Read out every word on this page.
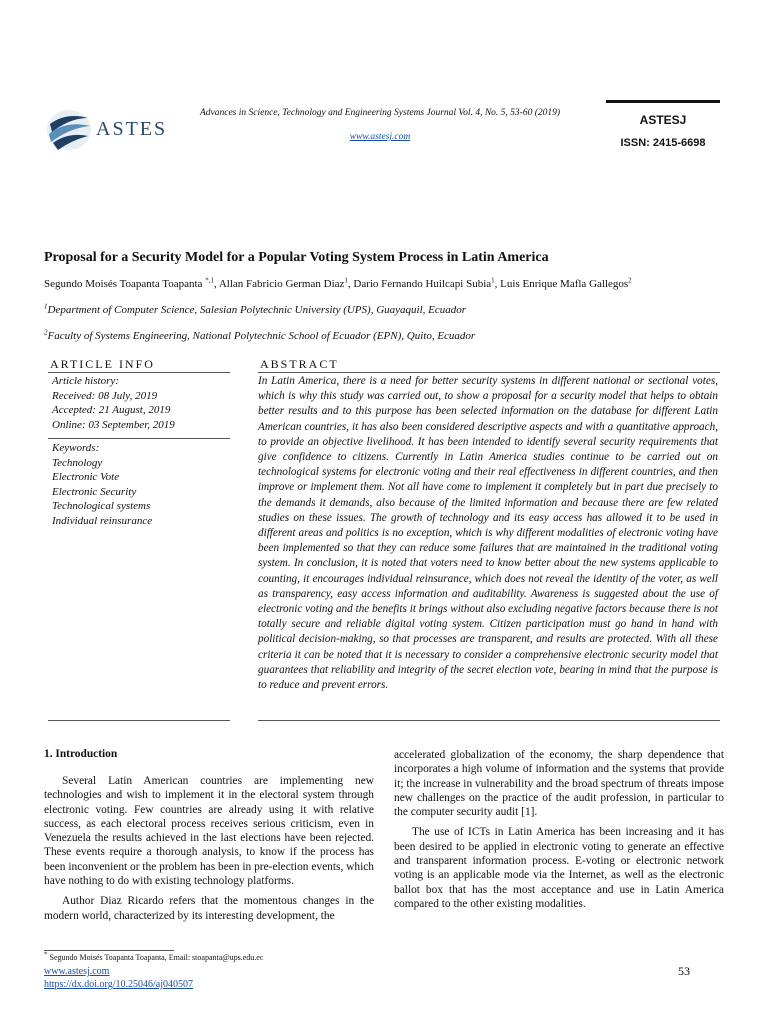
ASTES
Advances in Science, Technology and Engineering Systems Journal Vol. 4, No. 5, 53-60 (2019)
www.astesj.com
ASTESJ
ISSN: 2415-6698
Proposal for a Security Model for a Popular Voting System Process in Latin America
Segundo Moisés Toapanta Toapanta $^{*,1}$, Allan Fabricio German Diaz$^1$, Dario Fernando Huilcapi Subia$^1$, Luis Enrique Mafla Gallegos$^2$
$^1$Department of Computer Science, Salesian Polytechnic University (UPS), Guayaquil, Ecuador
$^2$Faculty of Systems Engineering, National Polytechnic School of Ecuador (EPN), Quito, Ecuador
ARTICLE INFO	ABSTRACT
Article history:
Received: 08 July, 2019
Accepted: 21 August, 2019
Online: 03 September, 2019
Keywords:
Technology
Electronic Vote
Electronic Security
Technological systems
Individual reinsurance
In Latin America, there is a need for better security systems in different national or sectional votes, which is why this study was carried out, to show a proposal for a security model that helps to obtain better results and to this purpose has been selected information on the database for different Latin American countries, it has also been considered descriptive aspects and with a quantitative approach, to provide an objective livelihood. It has been intended to identify several security requirements that give confidence to citizens. Currently in Latin America studies continue to be carried out on technological systems for electronic voting and their real effectiveness in different countries, and then improve or implement them. Not all have come to implement it completely but in part due precisely to the demands it demands, also because of the limited information and because there are few related studies on these issues. The growth of technology and its easy access has allowed it to be used in different areas and politics is no exception, which is why different modalities of electronic voting have been implemented so that they can reduce some failures that are maintained in the traditional voting system. In conclusion, it is noted that voters need to know better about the new systems applicable to counting, it encourages individual reinsurance, which does not reveal the identity of the voter, as well as transparency, easy access information and auditability. Awareness is suggested about the use of electronic voting and the benefits it brings without also excluding negative factors because there is not totally secure and reliable digital voting system. Citizen participation must go hand in hand with political decision-making, so that processes are transparent, and results are protected. With all these criteria it can be noted that it is necessary to consider a comprehensive electronic security model that guarantees that reliability and integrity of the secret election vote, bearing in mind that the purpose is to reduce and prevent errors.
1. Introduction

Several Latin American countries are implementing new technologies and wish to implement it in the electoral system through electronic voting. Few countries are already using it with relative success, as each electoral process receives serious criticism, even in Venezuela the results achieved in the last elections have been rejected. These events require a thorough analysis, to know if the process has been inconvenient or the problem has been in pre-election events, which have nothing to do with existing technology platforms.

Author Diaz Ricardo refers that the momentous changes in the modern world, characterized by its interesting development, the

accelerated globalization of the economy, the sharp dependence that incorporates a high volume of information and the systems that provide it; the increase in vulnerability and the broad spectrum of threats impose new challenges on the practice of the audit profession, in particular to the computer security audit [1].

The use of ICTs in Latin America has been increasing and it has been desired to be applied in electronic voting to generate an effective and transparent information process. E-voting or electronic network voting is an applicable mode via the Internet, as well as the electronic ballot box that has the most acceptance and use in Latin America compared to the other existing modalities.

* Segundo Moisés Toapanta Toapanta, Email: stoapanta@ups.edu.ec
www.astesj.com
https://dx.doi.org/10.25046/aj040507
53
